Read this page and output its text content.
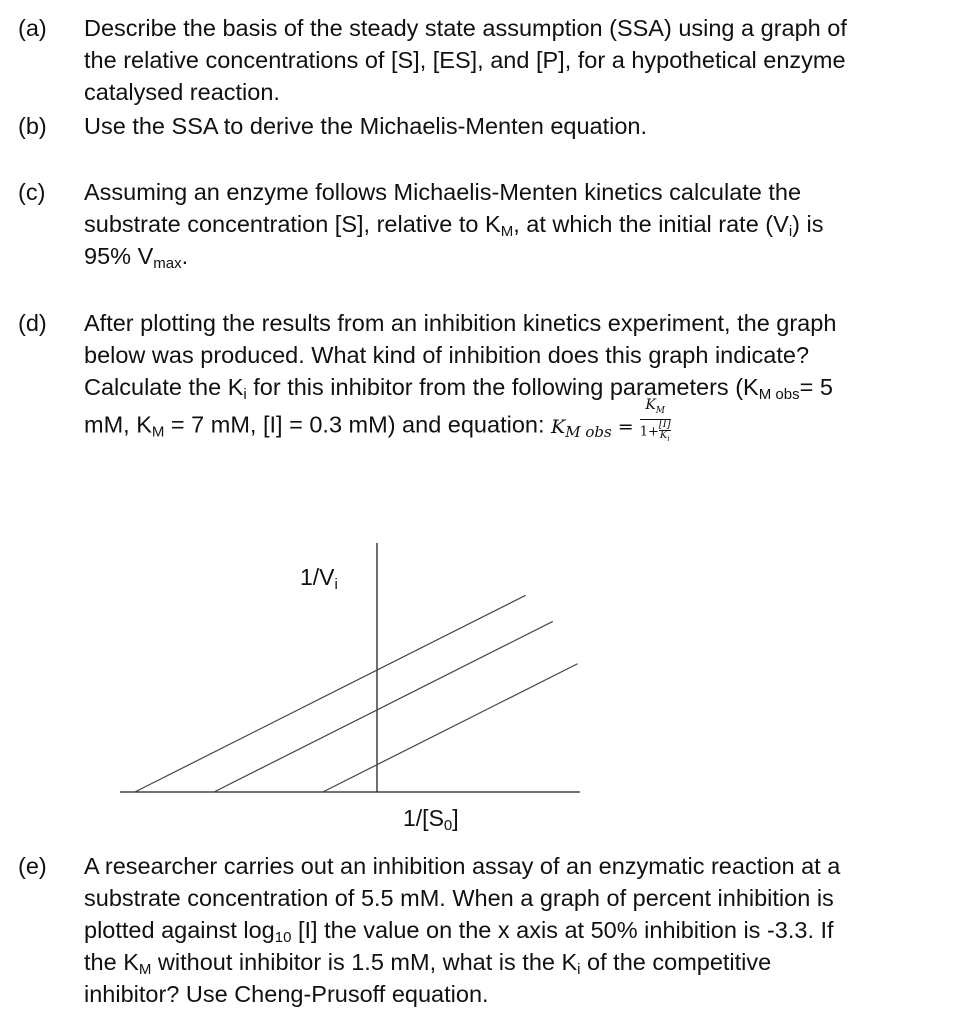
(a) Describe the basis of the steady state assumption (SSA) using a graph of
the relative concentrations of [S], [ES], and [P], for a hypothetical enzyme
catalysed reaction.
(b) Use the SSA to derive the Michaelis-Menten equation.
(c) Assuming an enzyme follows Michaelis-Menten kinetics calculate the
substrate concentration [S], relative to $K_M$, at which the initial rate $(V_i)$ is
95% $V_{max}$.
(d) After plotting the results from an inhibition kinetics experiment, the graph
below was produced. What kind of inhibition does this graph indicate?
Calculate the $K_i$ for this inhibitor from the following parameters ($K_{M obs}= 5$
mM, $K_M = 7$ mM, [I] = 0.3 mM) and equation: $K_{M obs} = \frac{K_M}{1+ \frac{[I]}{K_i}}$
$1/V_i$
$1/[S_0]$
(e) A researcher carries out an inhibition assay of an enzymatic reaction at a
substrate concentration of 5.5 mM. When a graph of percent inhibition is
plotted against $\log_{10} [I]$ the value on the x axis at 50% inhibition is -3.3. If
the $K_M$ without inhibitor is 1.5 mM, what is the $K_i$ of the competitive
inhibitor? Use Cheng-Prusoff equation.
